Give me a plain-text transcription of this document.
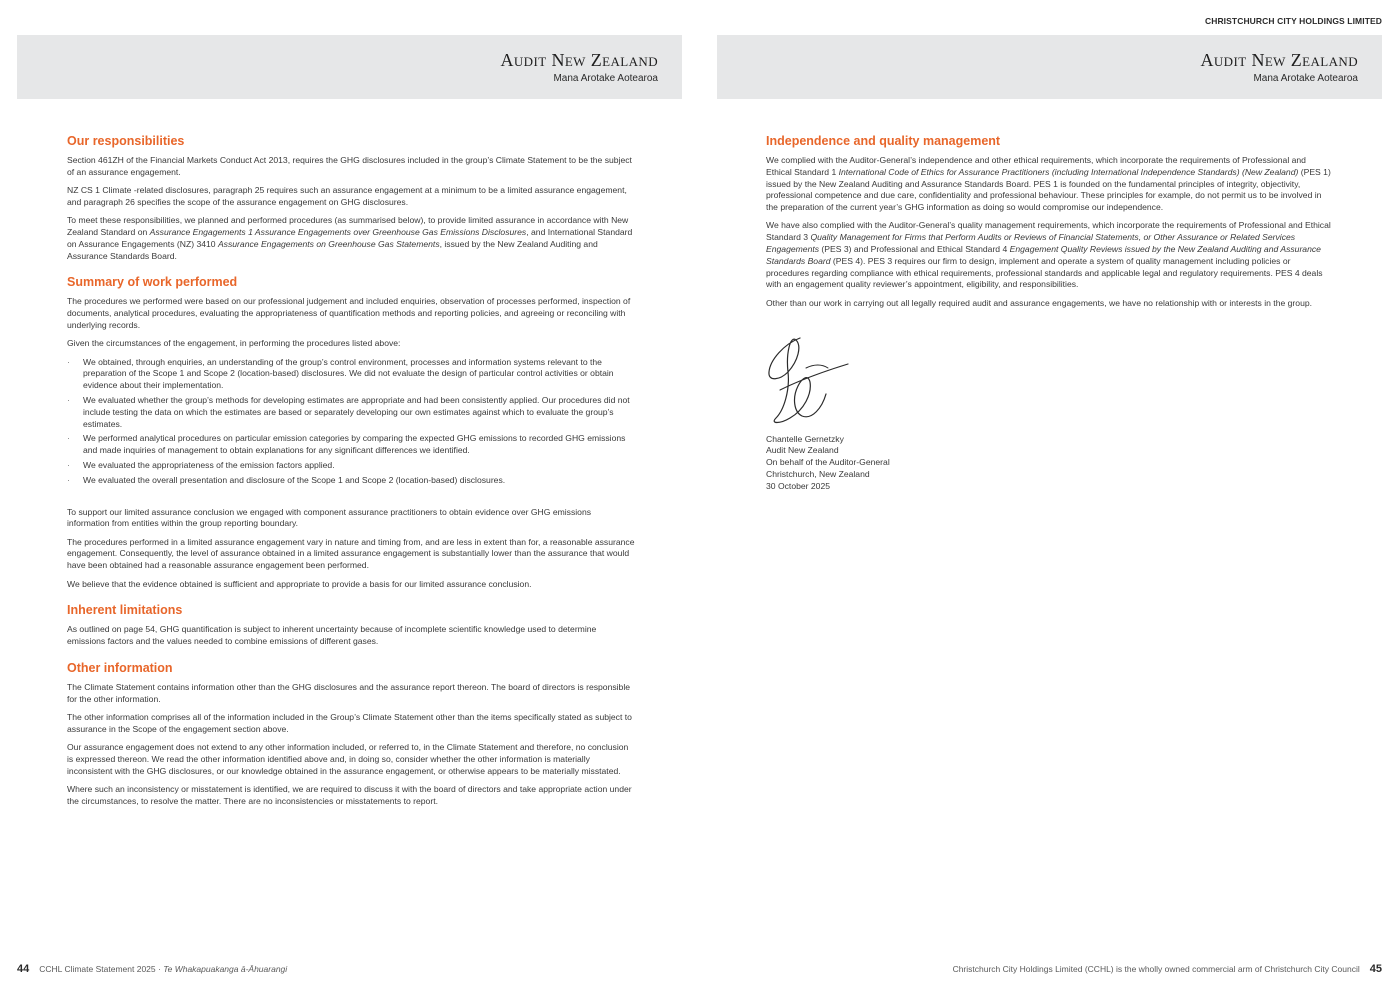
CHRISTCHURCH CITY HOLDINGS LIMITED
Audit New Zealand
Mana Arotake Aotearoa
Audit New Zealand
Mana Arotake Aotearoa
Our responsibilities

Section 461ZH of the Financial Markets Conduct Act 2013, requires the GHG disclosures included in the group’s Climate Statement to be the subject of an assurance engagement.

NZ CS 1 Climate -related disclosures, paragraph 25 requires such an assurance engagement at a minimum to be a limited assurance engagement, and paragraph 26 specifies the scope of the assurance engagement on GHG disclosures.

To meet these responsibilities, we planned and performed procedures (as summarised below), to provide limited assurance in accordance with New Zealand Standard on Assurance Engagements 1 Assurance Engagements over Greenhouse Gas Emissions Disclosures, and International Standard on Assurance Engagements (NZ) 3410 Assurance Engagements on Greenhouse Gas Statements, issued by the New Zealand Auditing and Assurance Standards Board.

Summary of work performed

The procedures we performed were based on our professional judgement and included enquiries, observation of processes performed, inspection of documents, analytical procedures, evaluating the appropriateness of quantification methods and reporting policies, and agreeing or reconciling with underlying records.

Given the circumstances of the engagement, in performing the procedures listed above:

· We obtained, through enquiries, an understanding of the group’s control environment, processes and information systems relevant to the preparation of the Scope 1 and Scope 2 (location-based) disclosures. We did not evaluate the design of particular control activities or obtain evidence about their implementation.
· We evaluated whether the group’s methods for developing estimates are appropriate and had been consistently applied. Our procedures did not include testing the data on which the estimates are based or separately developing our own estimates against which to evaluate the group’s estimates.
· We performed analytical procedures on particular emission categories by comparing the expected GHG emissions to recorded GHG emissions and made inquiries of management to obtain explanations for any significant differences we identified.
· We evaluated the appropriateness of the emission factors applied.
· We evaluated the overall presentation and disclosure of the Scope 1 and Scope 2 (location-based) disclosures.

To support our limited assurance conclusion we engaged with component assurance practitioners to obtain evidence over GHG emissions information from entities within the group reporting boundary.

The procedures performed in a limited assurance engagement vary in nature and timing from, and are less in extent than for, a reasonable assurance engagement. Consequently, the level of assurance obtained in a limited assurance engagement is substantially lower than the assurance that would have been obtained had a reasonable assurance engagement been performed.

We believe that the evidence obtained is sufficient and appropriate to provide a basis for our limited assurance conclusion.

Inherent limitations

As outlined on page 54, GHG quantification is subject to inherent uncertainty because of incomplete scientific knowledge used to determine emissions factors and the values needed to combine emissions of different gases.

Other information

The Climate Statement contains information other than the GHG disclosures and the assurance report thereon. The board of directors is responsible for the other information.

The other information comprises all of the information included in the Group’s Climate Statement other than the items specifically stated as subject to assurance in the Scope of the engagement section above.

Our assurance engagement does not extend to any other information included, or referred to, in the Climate Statement and therefore, no conclusion is expressed thereon. We read the other information identified above and, in doing so, consider whether the other information is materially inconsistent with the GHG disclosures, or our knowledge obtained in the assurance engagement, or otherwise appears to be materially misstated.

Where such an inconsistency or misstatement is identified, we are required to discuss it with the board of directors and take appropriate action under the circumstances, to resolve the matter. There are no inconsistencies or misstatements to report.

Independence and quality management

We complied with the Auditor-General’s independence and other ethical requirements, which incorporate the requirements of Professional and Ethical Standard 1 International Code of Ethics for Assurance Practitioners (including International Independence Standards) (New Zealand) (PES 1) issued by the New Zealand Auditing and Assurance Standards Board. PES 1 is founded on the fundamental principles of integrity, objectivity, professional competence and due care, confidentiality and professional behaviour. These principles for example, do not permit us to be involved in the preparation of the current year’s GHG information as doing so would compromise our independence.

We have also complied with the Auditor-General’s quality management requirements, which incorporate the requirements of Professional and Ethical Standard 3 Quality Management for Firms that Perform Audits or Reviews of Financial Statements, or Other Assurance or Related Services Engagements (PES 3) and Professional and Ethical Standard 4 Engagement Quality Reviews issued by the New Zealand Auditing and Assurance Standards Board (PES 4). PES 3 requires our firm to design, implement and operate a system of quality management including policies or procedures regarding compliance with ethical requirements, professional standards and applicable legal and regulatory requirements. PES 4 deals with an engagement quality reviewer’s appointment, eligibility, and responsibilities.

Other than our work in carrying out all legally required audit and assurance engagements, we have no relationship with or interests in the group.

Chantelle Gernetzky

Audit New Zealand

On behalf of the Auditor-General

Christchurch, New Zealand

30 October 2025

44 CCHL Climate Statement 2025 · Te Whakapuakanga ā-Āhuarangi	Christchurch City Holdings Limited (CCHL) is the wholly owned commercial arm of Christchurch City Council 45
